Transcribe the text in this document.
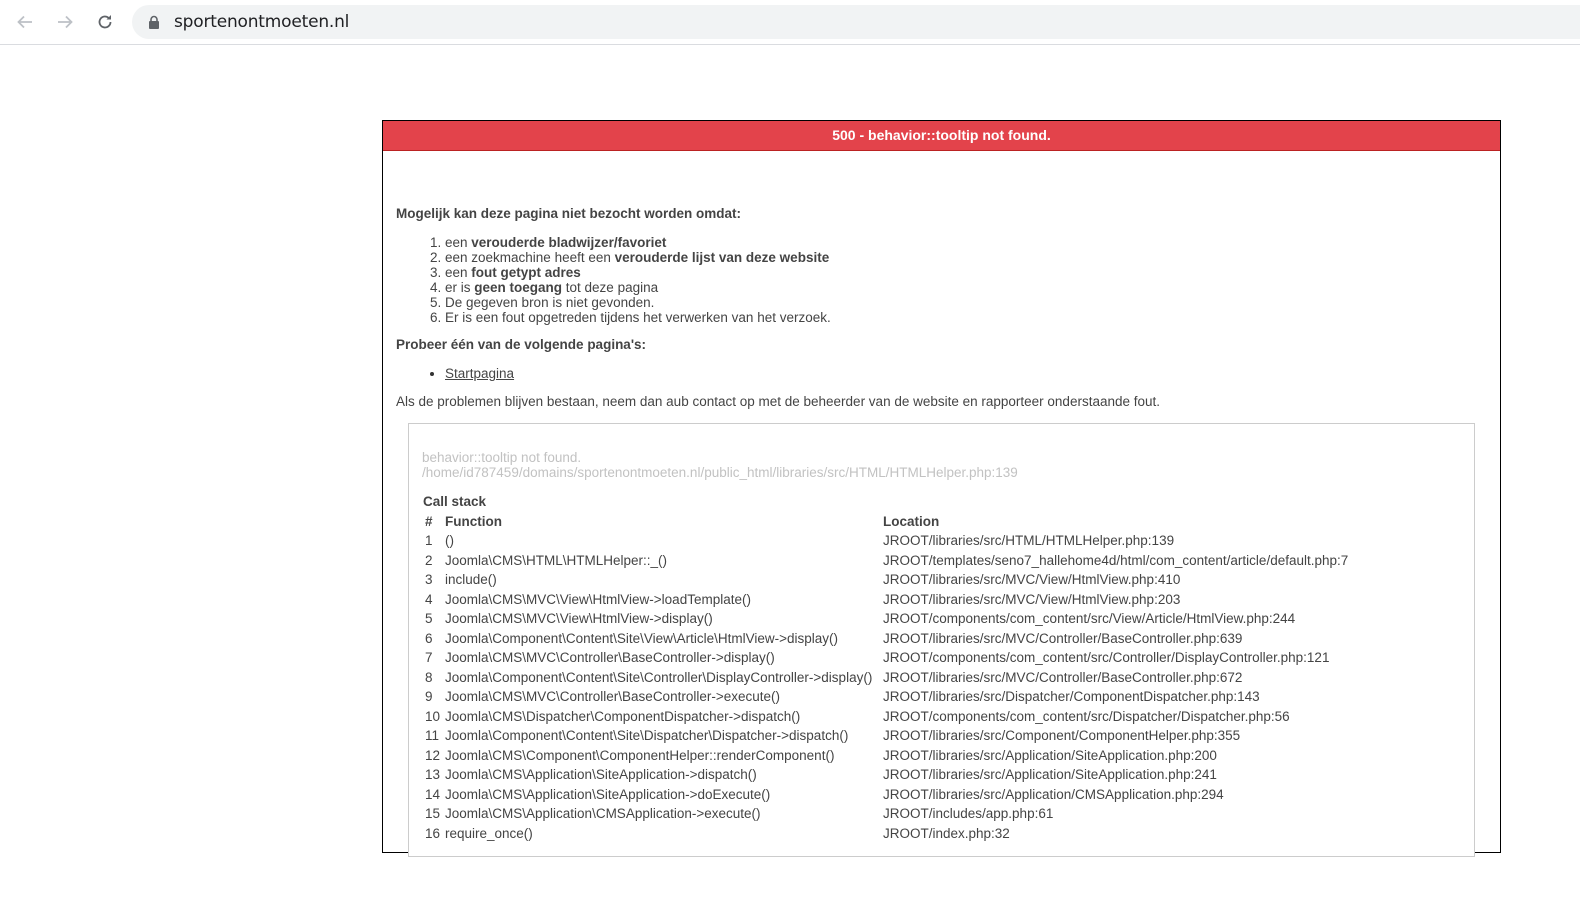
sportenontmoeten.nl
500 - behavior::tooltip not found.
Mogelijk kan deze pagina niet bezocht worden omdat:
1. een verouderde bladwijzer/favoriet
2. een zoekmachine heeft een verouderde lijst van deze website
3. een fout getypt adres
4. er is geen toegang tot deze pagina
5. De gegeven bron is niet gevonden.
6. Er is een fout opgetreden tijdens het verwerken van het verzoek.
Probeer één van de volgende pagina's:
• Startpagina
Als de problemen blijven bestaan, neem dan aub contact op met de beheerder van de website en rapporteer onderstaande fout.
behavior::tooltip not found.
/home/id787459/domains/sportenontmoeten.nl/public_html/libraries/src/HTML/HTMLHelper.php:139
Call stack
#	Function	Location
1	()	JROOT/libraries/src/HTML/HTMLHelper.php:139
2	Joomla\CMS\HTML\HTMLHelper::_()	JROOT/templates/seno7_hallehome4d/html/com_content/article/default.php:7
3	include()	JROOT/libraries/src/MVC/View/HtmlView.php:410
4	Joomla\CMS\MVC\View\HtmlView->loadTemplate()	JROOT/libraries/src/MVC/View/HtmlView.php:203
5	Joomla\CMS\MVC\View\HtmlView->display()	JROOT/components/com_content/src/View/Article/HtmlView.php:244
6	Joomla\Component\Content\Site\View\Article\HtmlView->display()	JROOT/libraries/src/MVC/Controller/BaseController.php:639
7	Joomla\CMS\MVC\Controller\BaseController->display()	JROOT/components/com_content/src/Controller/DisplayController.php:121
8	Joomla\Component\Content\Site\Controller\DisplayController->display()	JROOT/libraries/src/MVC/Controller/BaseController.php:672
9	Joomla\CMS\MVC\Controller\BaseController->execute()	JROOT/libraries/src/Dispatcher/ComponentDispatcher.php:143
10	Joomla\CMS\Dispatcher\ComponentDispatcher->dispatch()	JROOT/components/com_content/src/Dispatcher/Dispatcher.php:56
11	Joomla\Component\Content\Site\Dispatcher\Dispatcher->dispatch()	JROOT/libraries/src/Component/ComponentHelper.php:355
12	Joomla\CMS\Component\ComponentHelper::renderComponent()	JROOT/libraries/src/Application/SiteApplication.php:200
13	Joomla\CMS\Application\SiteApplication->dispatch()	JROOT/libraries/src/Application/SiteApplication.php:241
14	Joomla\CMS\Application\SiteApplication->doExecute()	JROOT/libraries/src/Application/CMSApplication.php:294
15	Joomla\CMS\Application\CMSApplication->execute()	JROOT/includes/app.php:61
16	require_once()	JROOT/index.php:32
